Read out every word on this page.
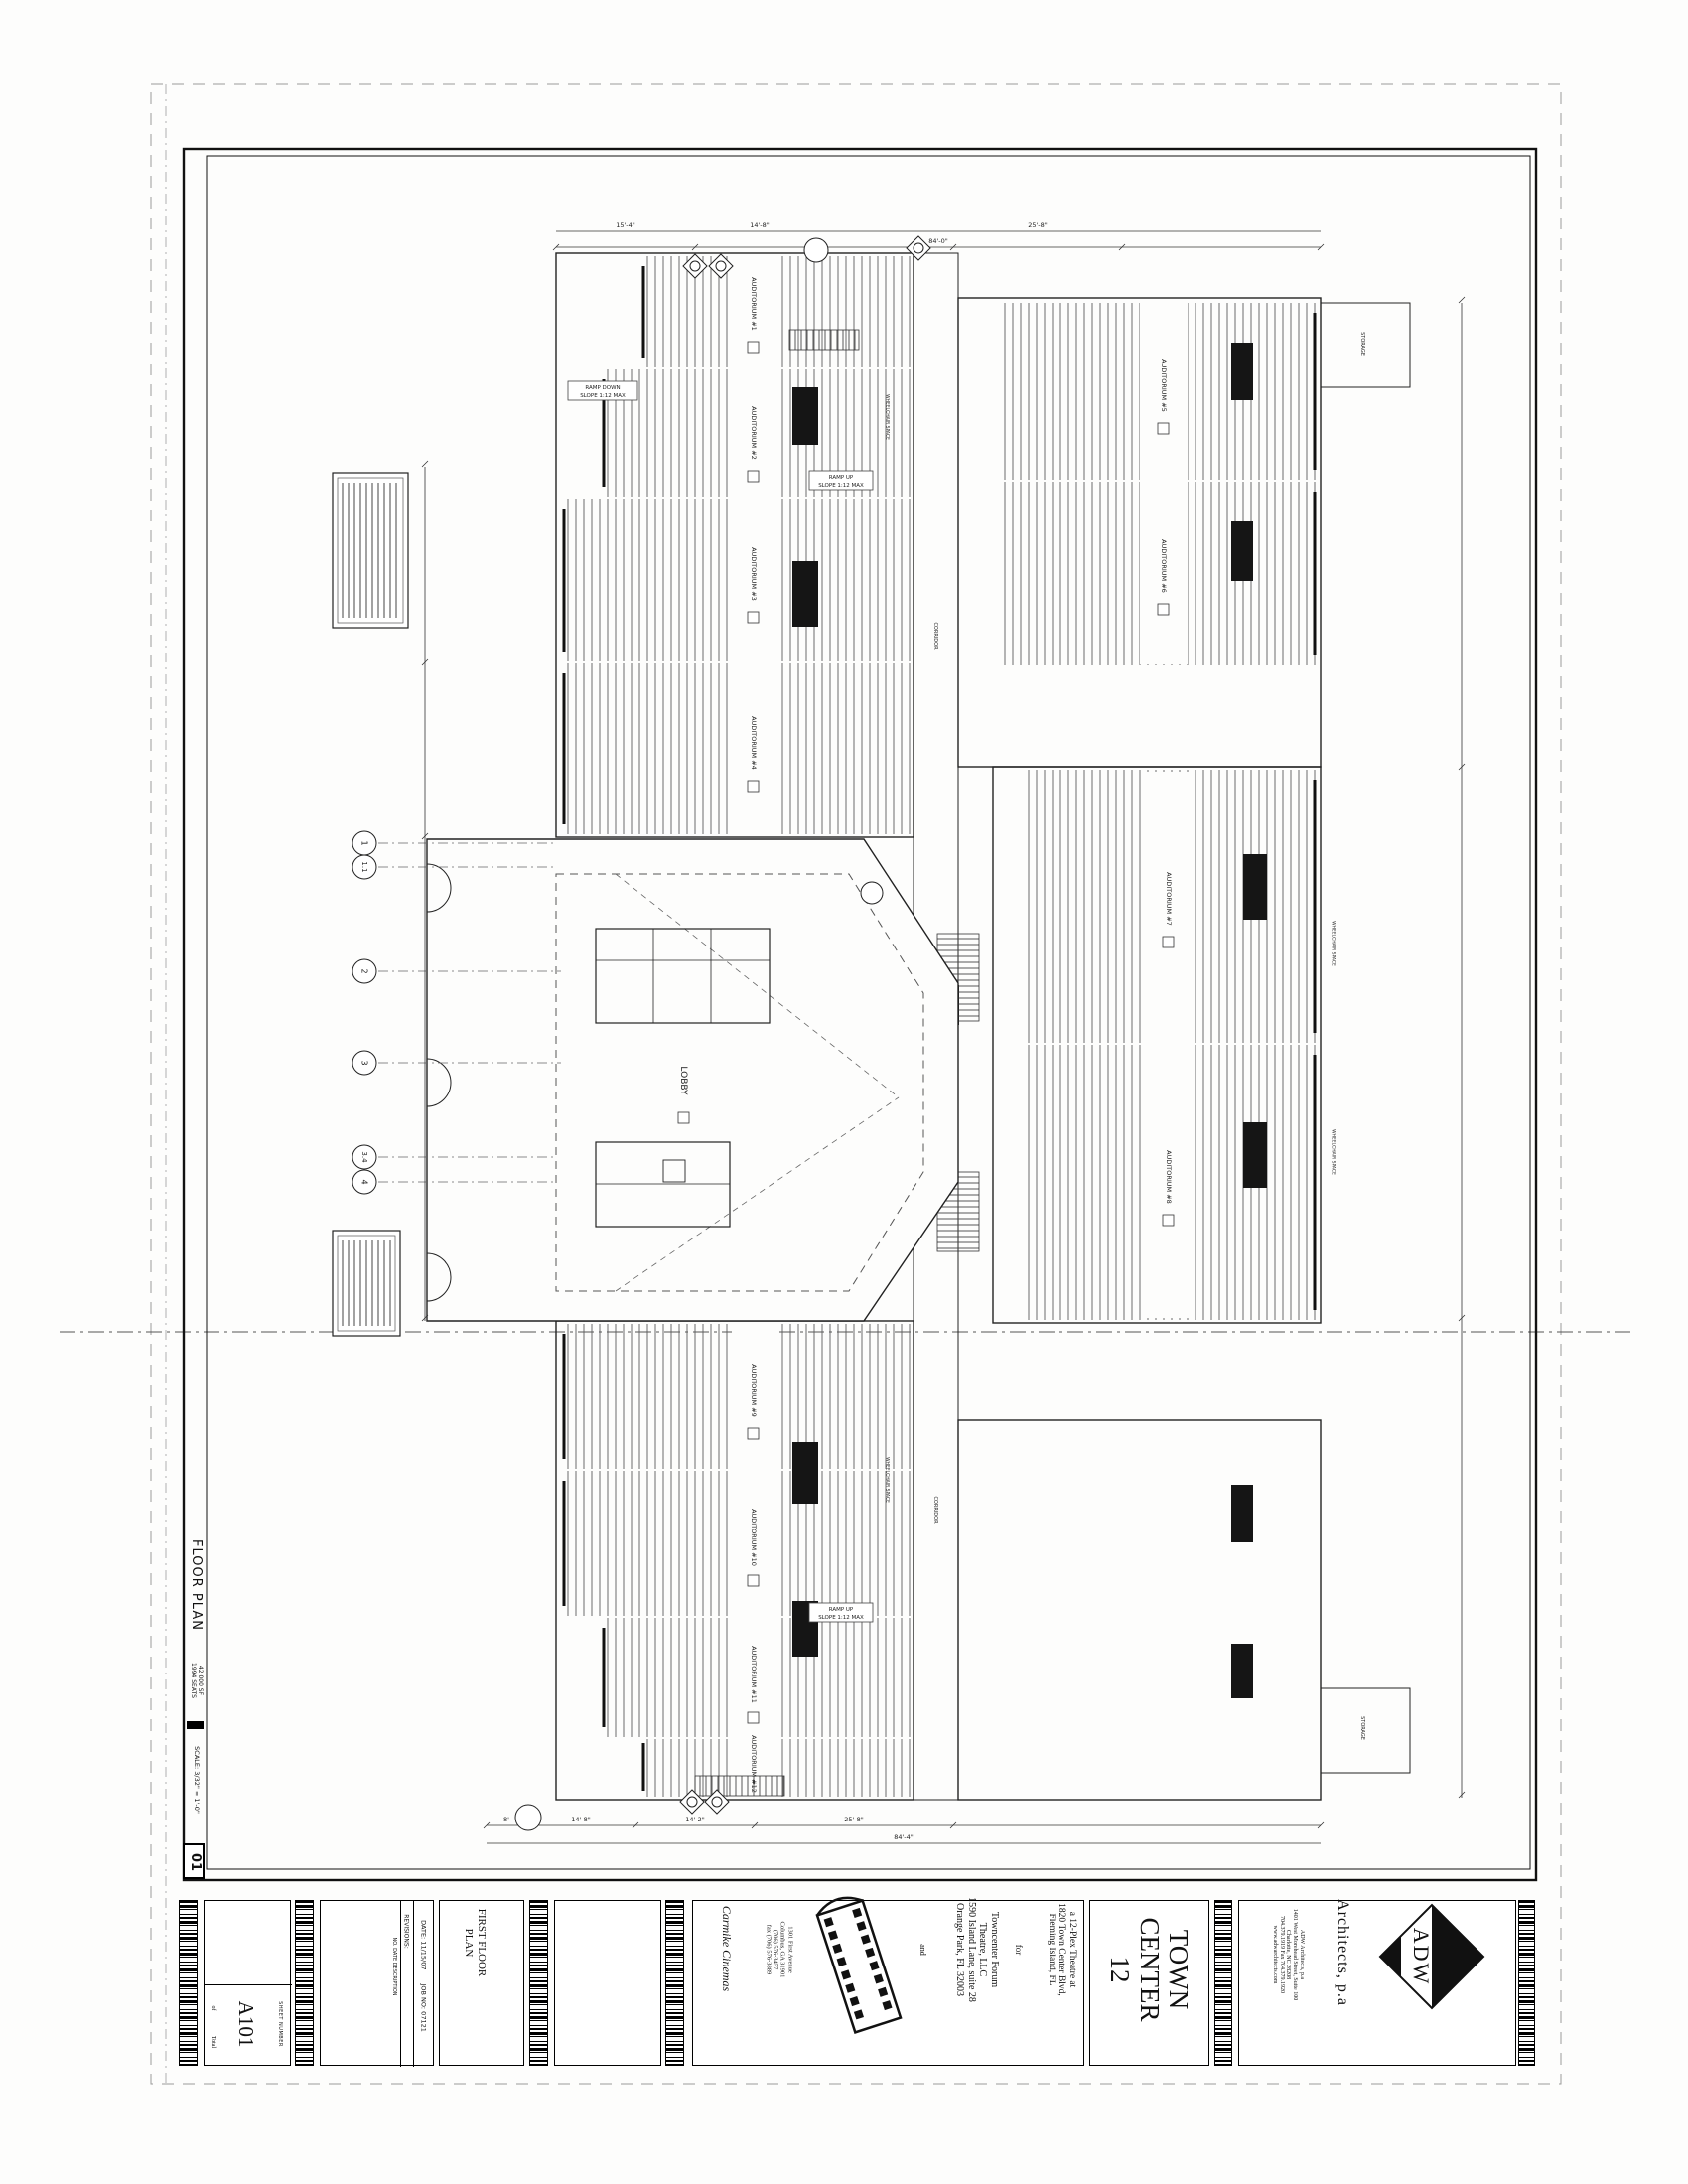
15'-4"	14'-8"	25'-8"
84'-0"
8'	14'-8"	14'-2"	25'-8"
84'-4"
1
1.1
2
3
3.4
4
RAMP UP
SLOPE 1:12 MAX
RAMP UP
SLOPE 1:12 MAX
RAMP DOWN
SLOPE 1:12 MAX
AUDITORIUM #1
AUDITORIUM #2
AUDITORIUM #3
AUDITORIUM #4
AUDITORIUM #5
AUDITORIUM #6
AUDITORIUM #7
AUDITORIUM #8
AUDITORIUM #9
AUDITORIUM #10
AUDITORIUM #11
AUDITORIUM #12
LOBBY
CORRIDOR
CORRIDOR
STORAGE
STORAGE
WHEELCHAIR SPACE
WHEELCHAIR SPACE
WHEELCHAIR SPACE
WHEELCHAIR SPACE
FLOOR PLAN
42,000 SF
1994 SEATS
SCALE: 3/32" = 1'-0"
01
SHEET NUMBER
A101
of
Total
NO. DATE DESCRIPTION
REVISIONS: DATE: 11/15/07
JOB NO: 07121
FIRST FLOOR
PLAN	Carmike Cinemas	1301 First Avenue
Columbus, GA 31901
(706) 576-3457
fax (706) 576-3889	and	Towncenter Forum
Theatre, LLC
1590 Island Lane, suite 28
Orange Park, FL 32003	for	a 12-Plex Theatre at
1820 Town Center Blvd,
Fleming Island, FL	TOWN
CENTER
12	ADW Architects, p.a
1401 West Morehead Street, Suite 100
Charlotte, NC 28208
704.379.1919 Fax 704.379.1920
www.adwarchitects.com	Architects, p.a	ADW
